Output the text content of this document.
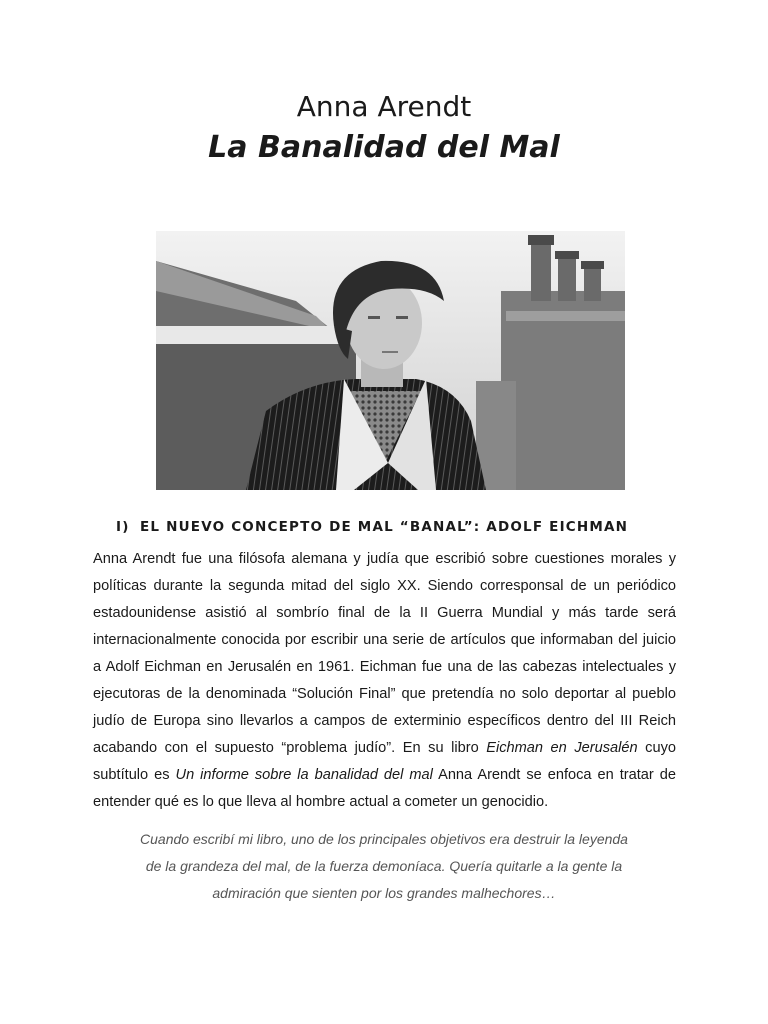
Anna Arendt
La Banalidad del Mal
I) EL NUEVO CONCEPTO DE MAL “BANAL”: ADOLF EICHMAN

Anna Arendt fue una filósofa alemana y judía que escribió sobre cuestiones morales y políticas durante la segunda mitad del siglo XX. Siendo corresponsal de un periódico estadounidense asistió al sombrío final de la II Guerra Mundial y más tarde será internacionalmente conocida por escribir una serie de artículos que informaban del juicio a Adolf Eichman en Jerusalén en 1961. Eichman fue una de las cabezas intelectuales y ejecutoras de la denominada “Solución Final” que pretendía no solo deportar al pueblo judío de Europa sino llevarlos a campos de exterminio específicos dentro del III Reich acabando con el supuesto “problema judío”. En su libro Eichman en Jerusalén cuyo subtítulo es Un informe sobre la banalidad del mal Anna Arendt se enfoca en tratar de entender qué es lo que lleva al hombre actual a cometer un genocidio.

Cuando escribí mi libro, uno de los principales objetivos era destruir la leyenda de la grandeza del mal, de la fuerza demoníaca. Quería quitarle a la gente la admiración que sienten por los grandes malhechores…
